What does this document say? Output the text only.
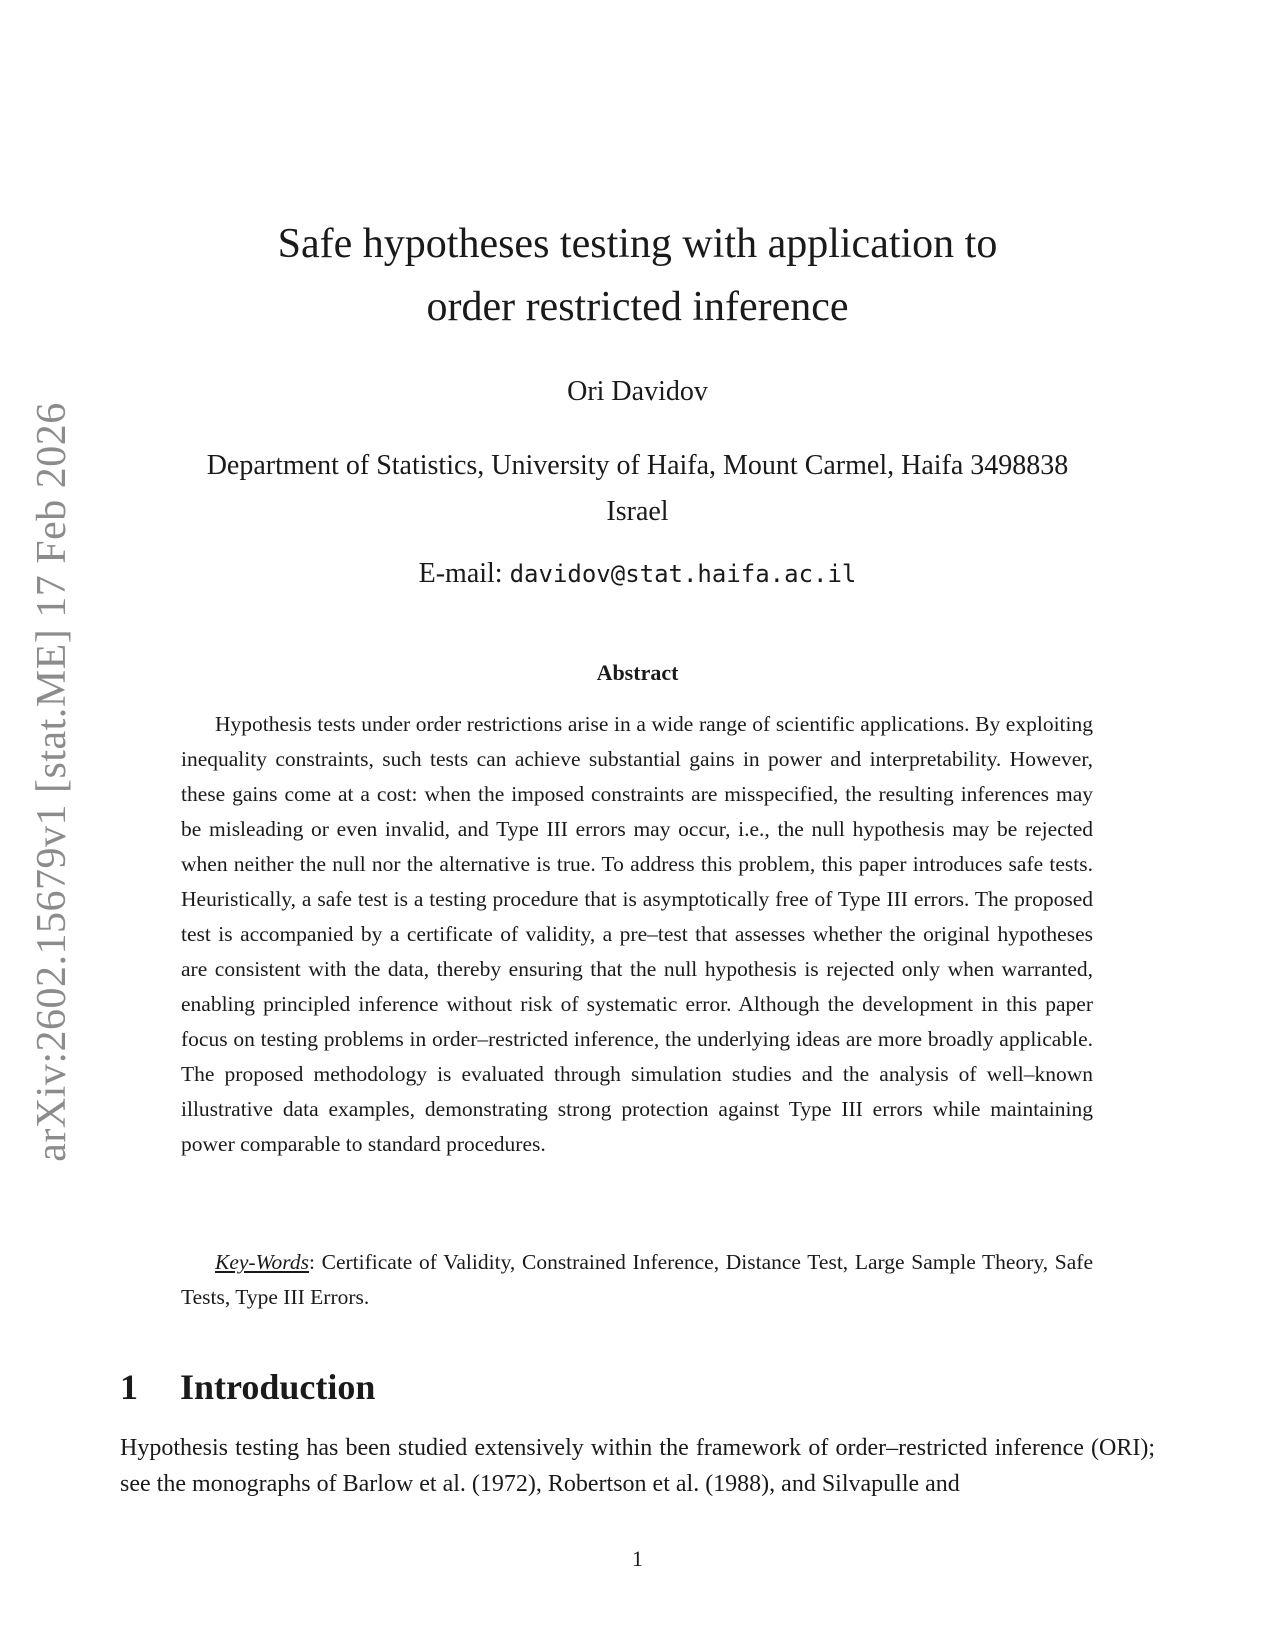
arXiv:2602.15679v1 [stat.ME] 17 Feb 2026
Safe hypotheses testing with application to
order restricted inference
Ori Davidov
Department of Statistics, University of Haifa, Mount Carmel, Haifa 3498838
Israel
E-mail: davidov@stat.haifa.ac.il
Abstract

Hypothesis tests under order restrictions arise in a wide range of scientific applications. By exploiting inequality constraints, such tests can achieve substantial gains in power and interpretability. However, these gains come at a cost: when the imposed constraints are misspecified, the resulting inferences may be misleading or even invalid, and Type III errors may occur, i.e., the null hypothesis may be rejected when neither the null nor the alternative is true. To address this problem, this paper introduces safe tests. Heuristically, a safe test is a testing procedure that is asymptotically free of Type III errors. The proposed test is accompanied by a certificate of validity, a pre–test that assesses whether the original hypotheses are consistent with the data, thereby ensuring that the null hypothesis is rejected only when warranted, enabling principled inference without risk of systematic error. Although the development in this paper focus on testing problems in order–restricted inference, the underlying ideas are more broadly applicable. The proposed methodology is evaluated through simulation studies and the analysis of well–known illustrative data examples, demonstrating strong protection against Type III errors while maintaining power comparable to standard procedures.

Key-Words: Certificate of Validity, Constrained Inference, Distance Test, Large Sample Theory, Safe Tests, Type III Errors.

1 Introduction

Hypothesis testing has been studied extensively within the framework of order–restricted inference (ORI); see the monographs of Barlow et al. (1972), Robertson et al. (1988), and Silvapulle and

1
